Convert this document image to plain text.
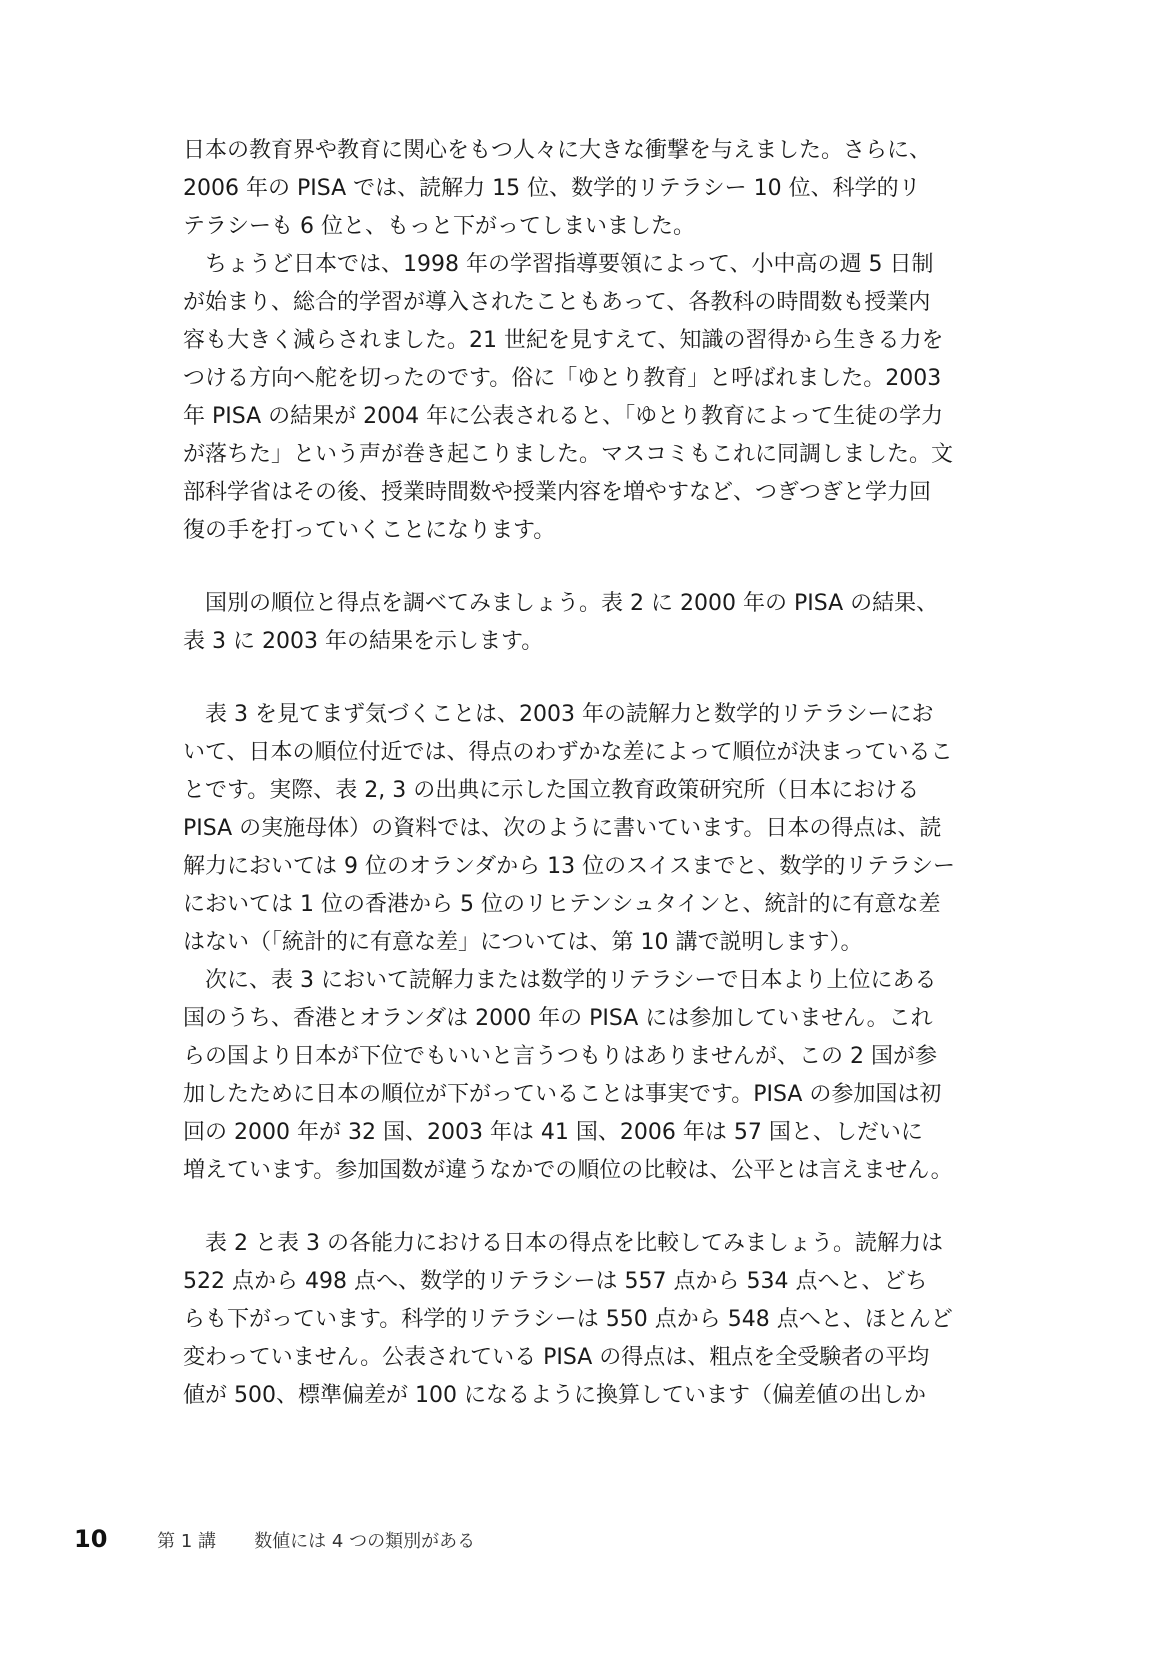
日本の教育界や教育に関心をもつ人々に大きな衝撃を与えました。さらに、
2006 年の PISA では、読解力 15 位、数学的リテラシー 10 位、科学的リ
テラシーも 6 位と、もっと下がってしまいました。
　ちょうど日本では、1998 年の学習指導要領によって、小中高の週 5 日制
が始まり、総合的学習が導入されたこともあって、各教科の時間数も授業内
容も大きく減らされました。21 世紀を見すえて、知識の習得から生きる力を
つける方向へ舵を切ったのです。俗に「ゆとり教育」と呼ばれました。2003
年 PISA の結果が 2004 年に公表されると、「ゆとり教育によって生徒の学力
が落ちた」という声が巻き起こりました。マスコミもこれに同調しました。文
部科学省はその後、授業時間数や授業内容を増やすなど、つぎつぎと学力回
復の手を打っていくことになります。
　国別の順位と得点を調べてみましょう。表 2 に 2000 年の PISA の結果、
表 3 に 2003 年の結果を示します。
　表 3 を見てまず気づくことは、2003 年の読解力と数学的リテラシーにお
いて、日本の順位付近では、得点のわずかな差によって順位が決まっているこ
とです。実際、表 2, 3 の出典に示した国立教育政策研究所（日本における
PISA の実施母体）の資料では、次のように書いています。日本の得点は、読
解力においては 9 位のオランダから 13 位のスイスまでと、数学的リテラシー
においては 1 位の香港から 5 位のリヒテンシュタインと、統計的に有意な差
はない（「統計的に有意な差」については、第 10 講で説明します）。
　次に、表 3 において読解力または数学的リテラシーで日本より上位にある
国のうち、香港とオランダは 2000 年の PISA には参加していません。これ
らの国より日本が下位でもいいと言うつもりはありませんが、この 2 国が参
加したために日本の順位が下がっていることは事実です。PISA の参加国は初
回の 2000 年が 32 国、2003 年は 41 国、2006 年は 57 国と、しだいに
増えています。参加国数が違うなかでの順位の比較は、公平とは言えません。
　表 2 と表 3 の各能力における日本の得点を比較してみましょう。読解力は
522 点から 498 点へ、数学的リテラシーは 557 点から 534 点へと、どち
らも下がっています。科学的リテラシーは 550 点から 548 点へと、ほとんど
変わっていません。公表されている PISA の得点は、粗点を全受験者の平均
値が 500、標準偏差が 100 になるように換算しています（偏差値の出しか
10	第 1 講 数値には 4 つの類別がある
